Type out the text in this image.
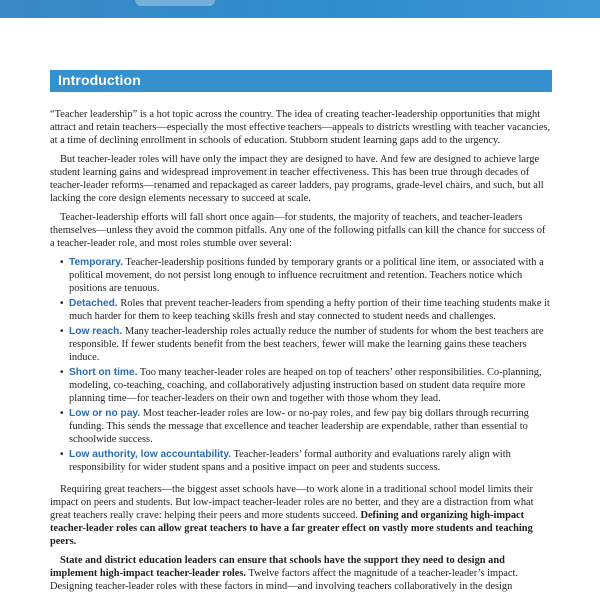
Introduction

“Teacher leadership” is a hot topic across the country. The idea of creating teacher-leadership opportunities that might attract and retain teachers—especially the most effective teachers—appeals to districts wrestling with teacher vacancies, at a time of declining enrollment in schools of education. Stubborn student learning gaps add to the urgency.

But teacher-leader roles will have only the impact they are designed to have. And few are designed to achieve large student learning gains and widespread improvement in teacher effectiveness. This has been true through decades of teacher-leader reforms—renamed and repackaged as career ladders, pay programs, grade-level chairs, and such, but all lacking the core design elements necessary to succeed at scale.

Teacher-leadership efforts will fall short once again—for students, the majority of teachers, and teacher-leaders themselves—unless they avoid the common pitfalls. Any one of the following pitfalls can kill the chance for success of a teacher-leader role, and most roles stumble over several:

• Temporary. Teacher-leadership positions funded by temporary grants or a political line item, or associated with a political movement, do not persist long enough to influence recruitment and retention. Teachers notice which positions are tenuous.
• Detached. Roles that prevent teacher-leaders from spending a hefty portion of their time teaching students make it much harder for them to keep teaching skills fresh and stay connected to student needs and challenges.
• Low reach. Many teacher-leadership roles actually reduce the number of students for whom the best teachers are responsible. If fewer students benefit from the best teachers, fewer will make the learning gains these teachers induce.
• Short on time. Too many teacher-leader roles are heaped on top of teachers’ other responsibilities. Co-planning, modeling, co-teaching, coaching, and collaboratively adjusting instruction based on student data require more planning time—for teacher-leaders on their own and together with those whom they lead.
• Low or no pay. Most teacher-leader roles are low- or no-pay roles, and few pay big dollars through recurring funding. This sends the message that excellence and teacher leadership are expendable, rather than essential to schoolwide success.
• Low authority, low accountability. Teacher-leaders’ formal authority and evaluations rarely align with responsibility for wider student spans and a positive impact on peer and students success.

Requiring great teachers—the biggest asset schools have—to work alone in a traditional school model limits their impact on peers and students. But low-impact teacher-leader roles are no better, and they are a distraction from what great teachers really crave: helping their peers and more students succeed. Defining and organizing high-impact teacher-leader roles can allow great teachers to have a far greater effect on vastly more students and teaching peers.

State and district education leaders can ensure that schools have the support they need to design and implement high-impact teacher-leader roles. Twelve factors affect the magnitude of a teacher-leader’s impact. Designing teacher-leader roles with these factors in mind—and involving teachers collaboratively in the design
